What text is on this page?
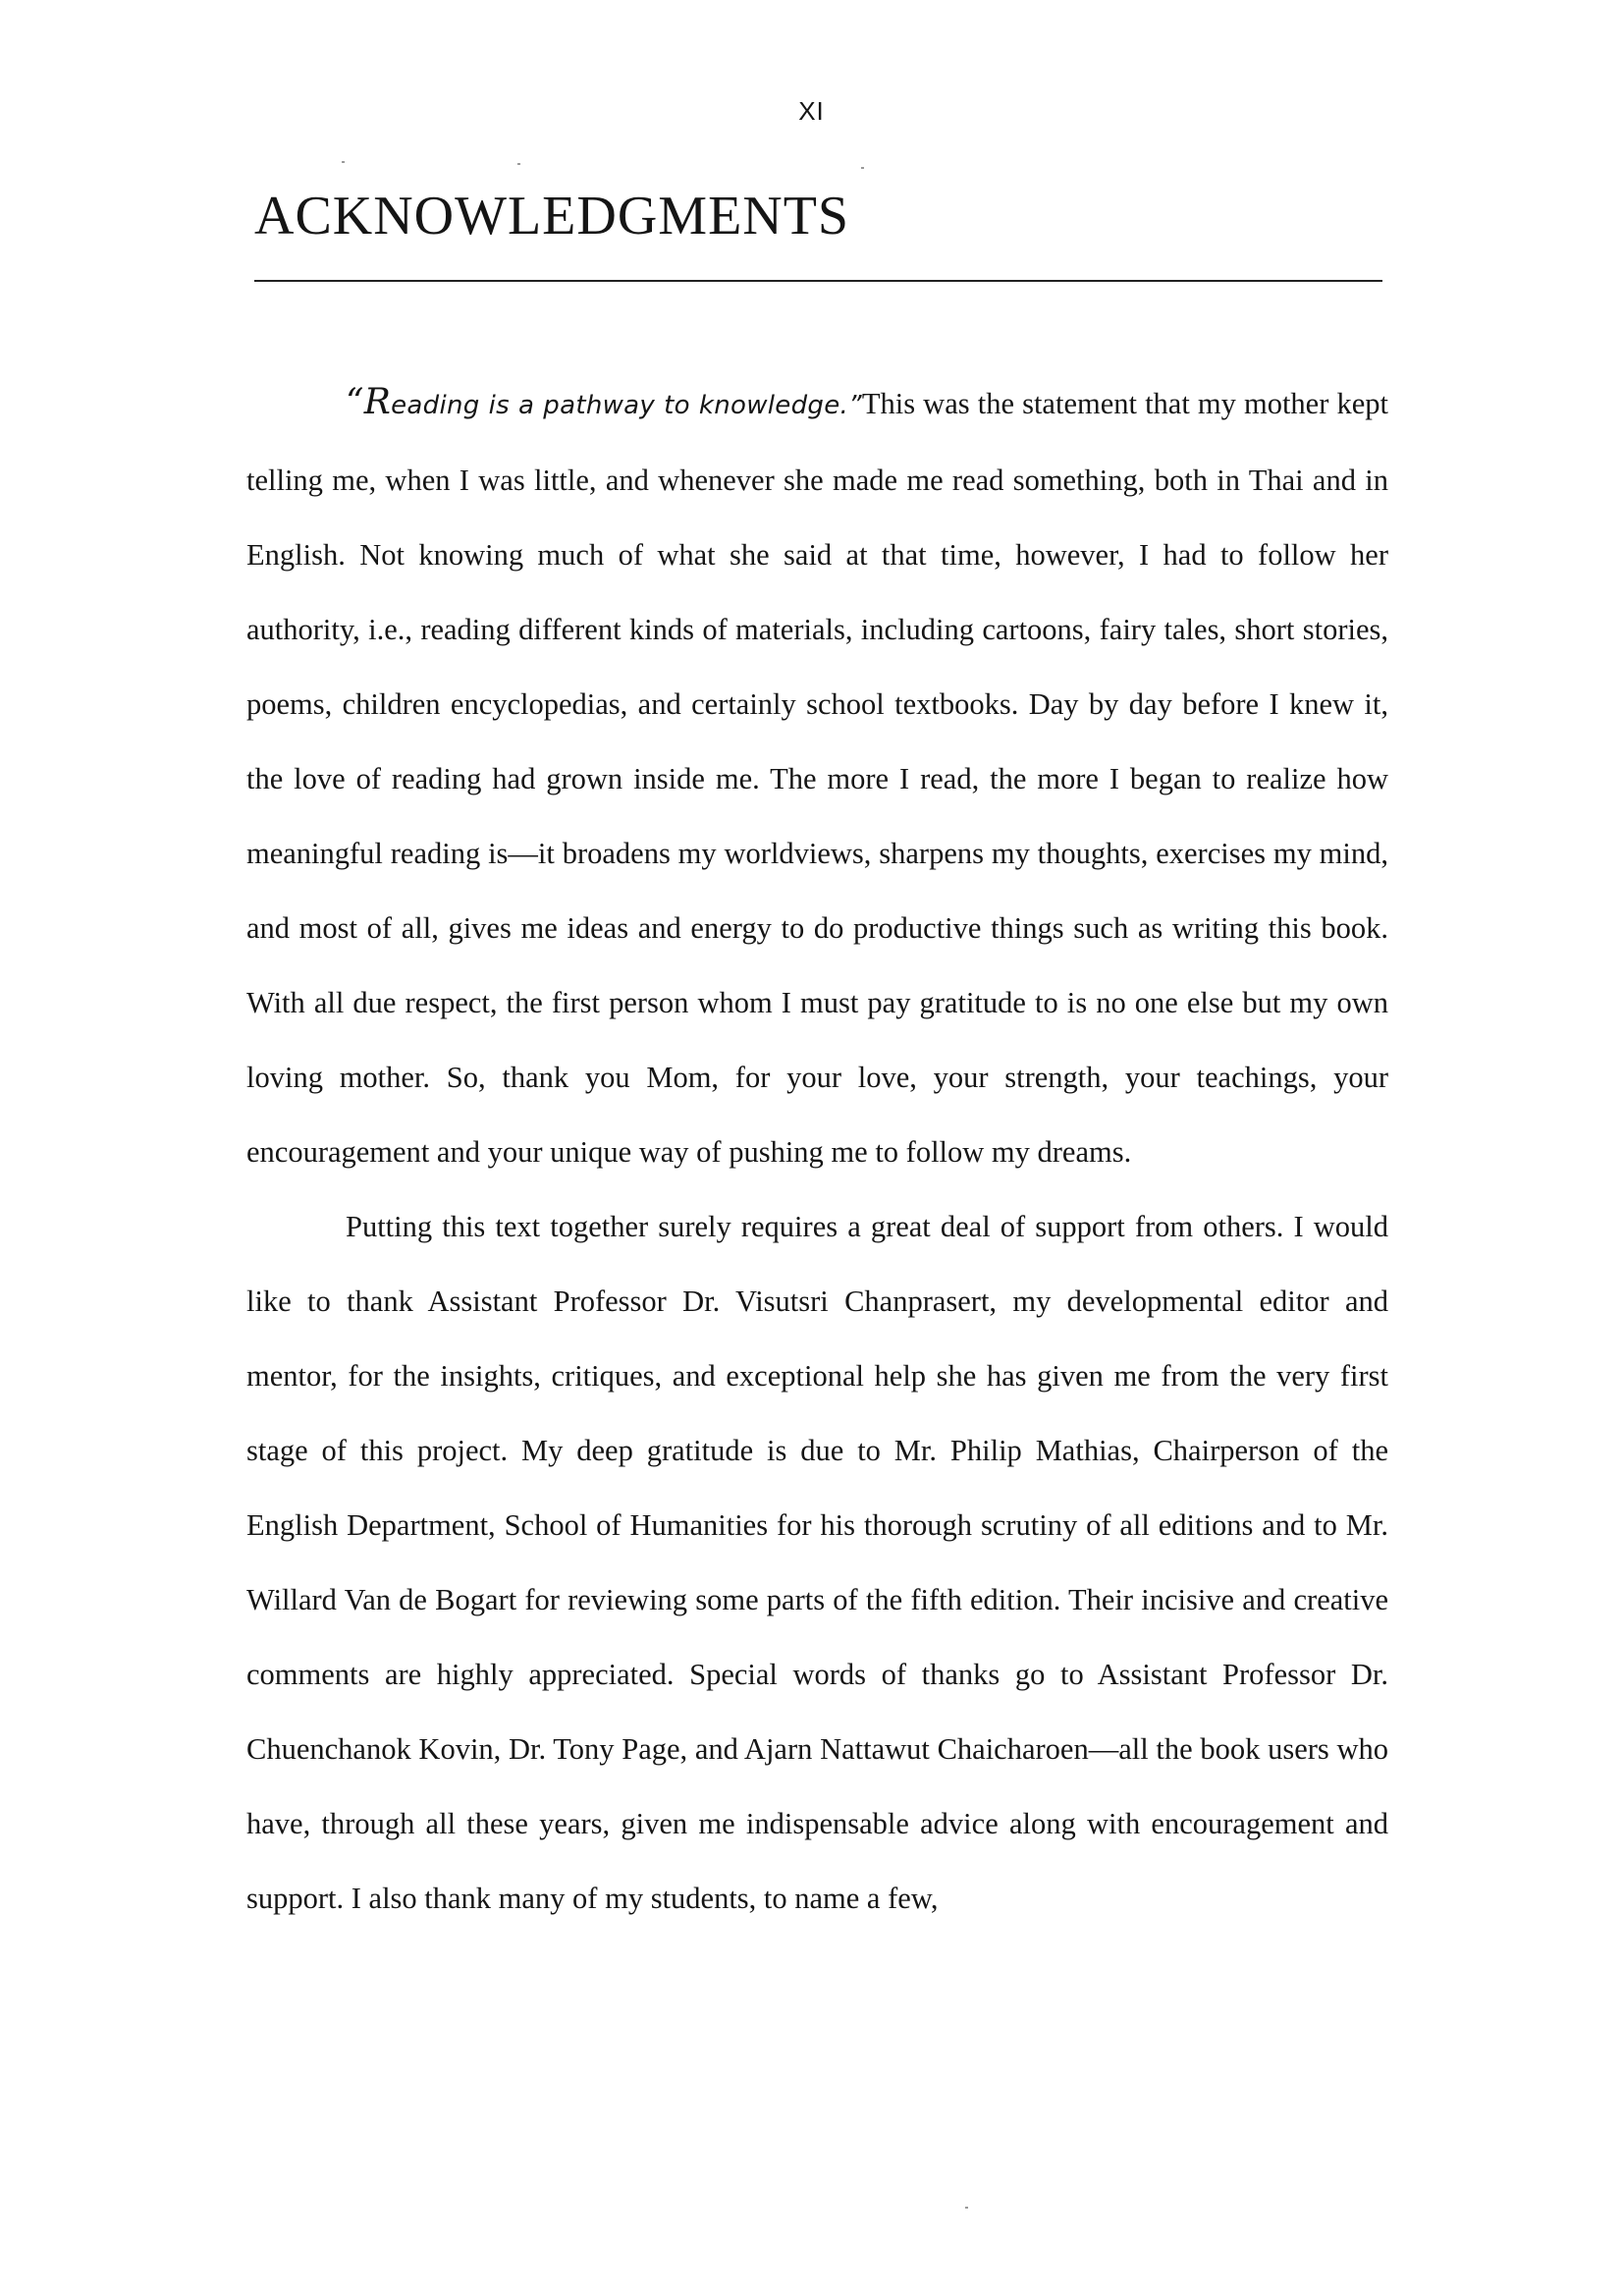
XI
ACKNOWLEDGMENTS

“Reading is a pathway to knowledge.”This was the statement that my mother kept telling me, when I was little, and whenever she made me read something, both in Thai and in English. Not knowing much of what she said at that time, however, I had to follow her authority, i.e., reading different kinds of materials, including cartoons, fairy tales, short stories, poems, children encyclopedias, and certainly school textbooks. Day by day before I knew it, the love of reading had grown inside me. The more I read, the more I began to realize how meaningful reading is—it broadens my worldviews, sharpens my thoughts, exercises my mind, and most of all, gives me ideas and energy to do productive things such as writing this book. With all due respect, the first person whom I must pay gratitude to is no one else but my own loving mother. So, thank you Mom, for your love, your strength, your teachings, your encouragement and your unique way of pushing me to follow my dreams.

Putting this text together surely requires a great deal of support from others. I would like to thank Assistant Professor Dr. Visutsri Chanprasert, my developmental editor and mentor, for the insights, critiques, and exceptional help she has given me from the very first stage of this project. My deep gratitude is due to Mr. Philip Mathias, Chairperson of the English Department, School of Humanities for his thorough scrutiny of all editions and to Mr. Willard Van de Bogart for reviewing some parts of the fifth edition. Their incisive and creative comments are highly appreciated. Special words of thanks go to Assistant Professor Dr. Chuenchanok Kovin, Dr. Tony Page, and Ajarn Nattawut Chaicharoen—all the book users who have, through all these years, given me indispensable advice along with encouragement and support. I also thank many of my students, to name a few,
